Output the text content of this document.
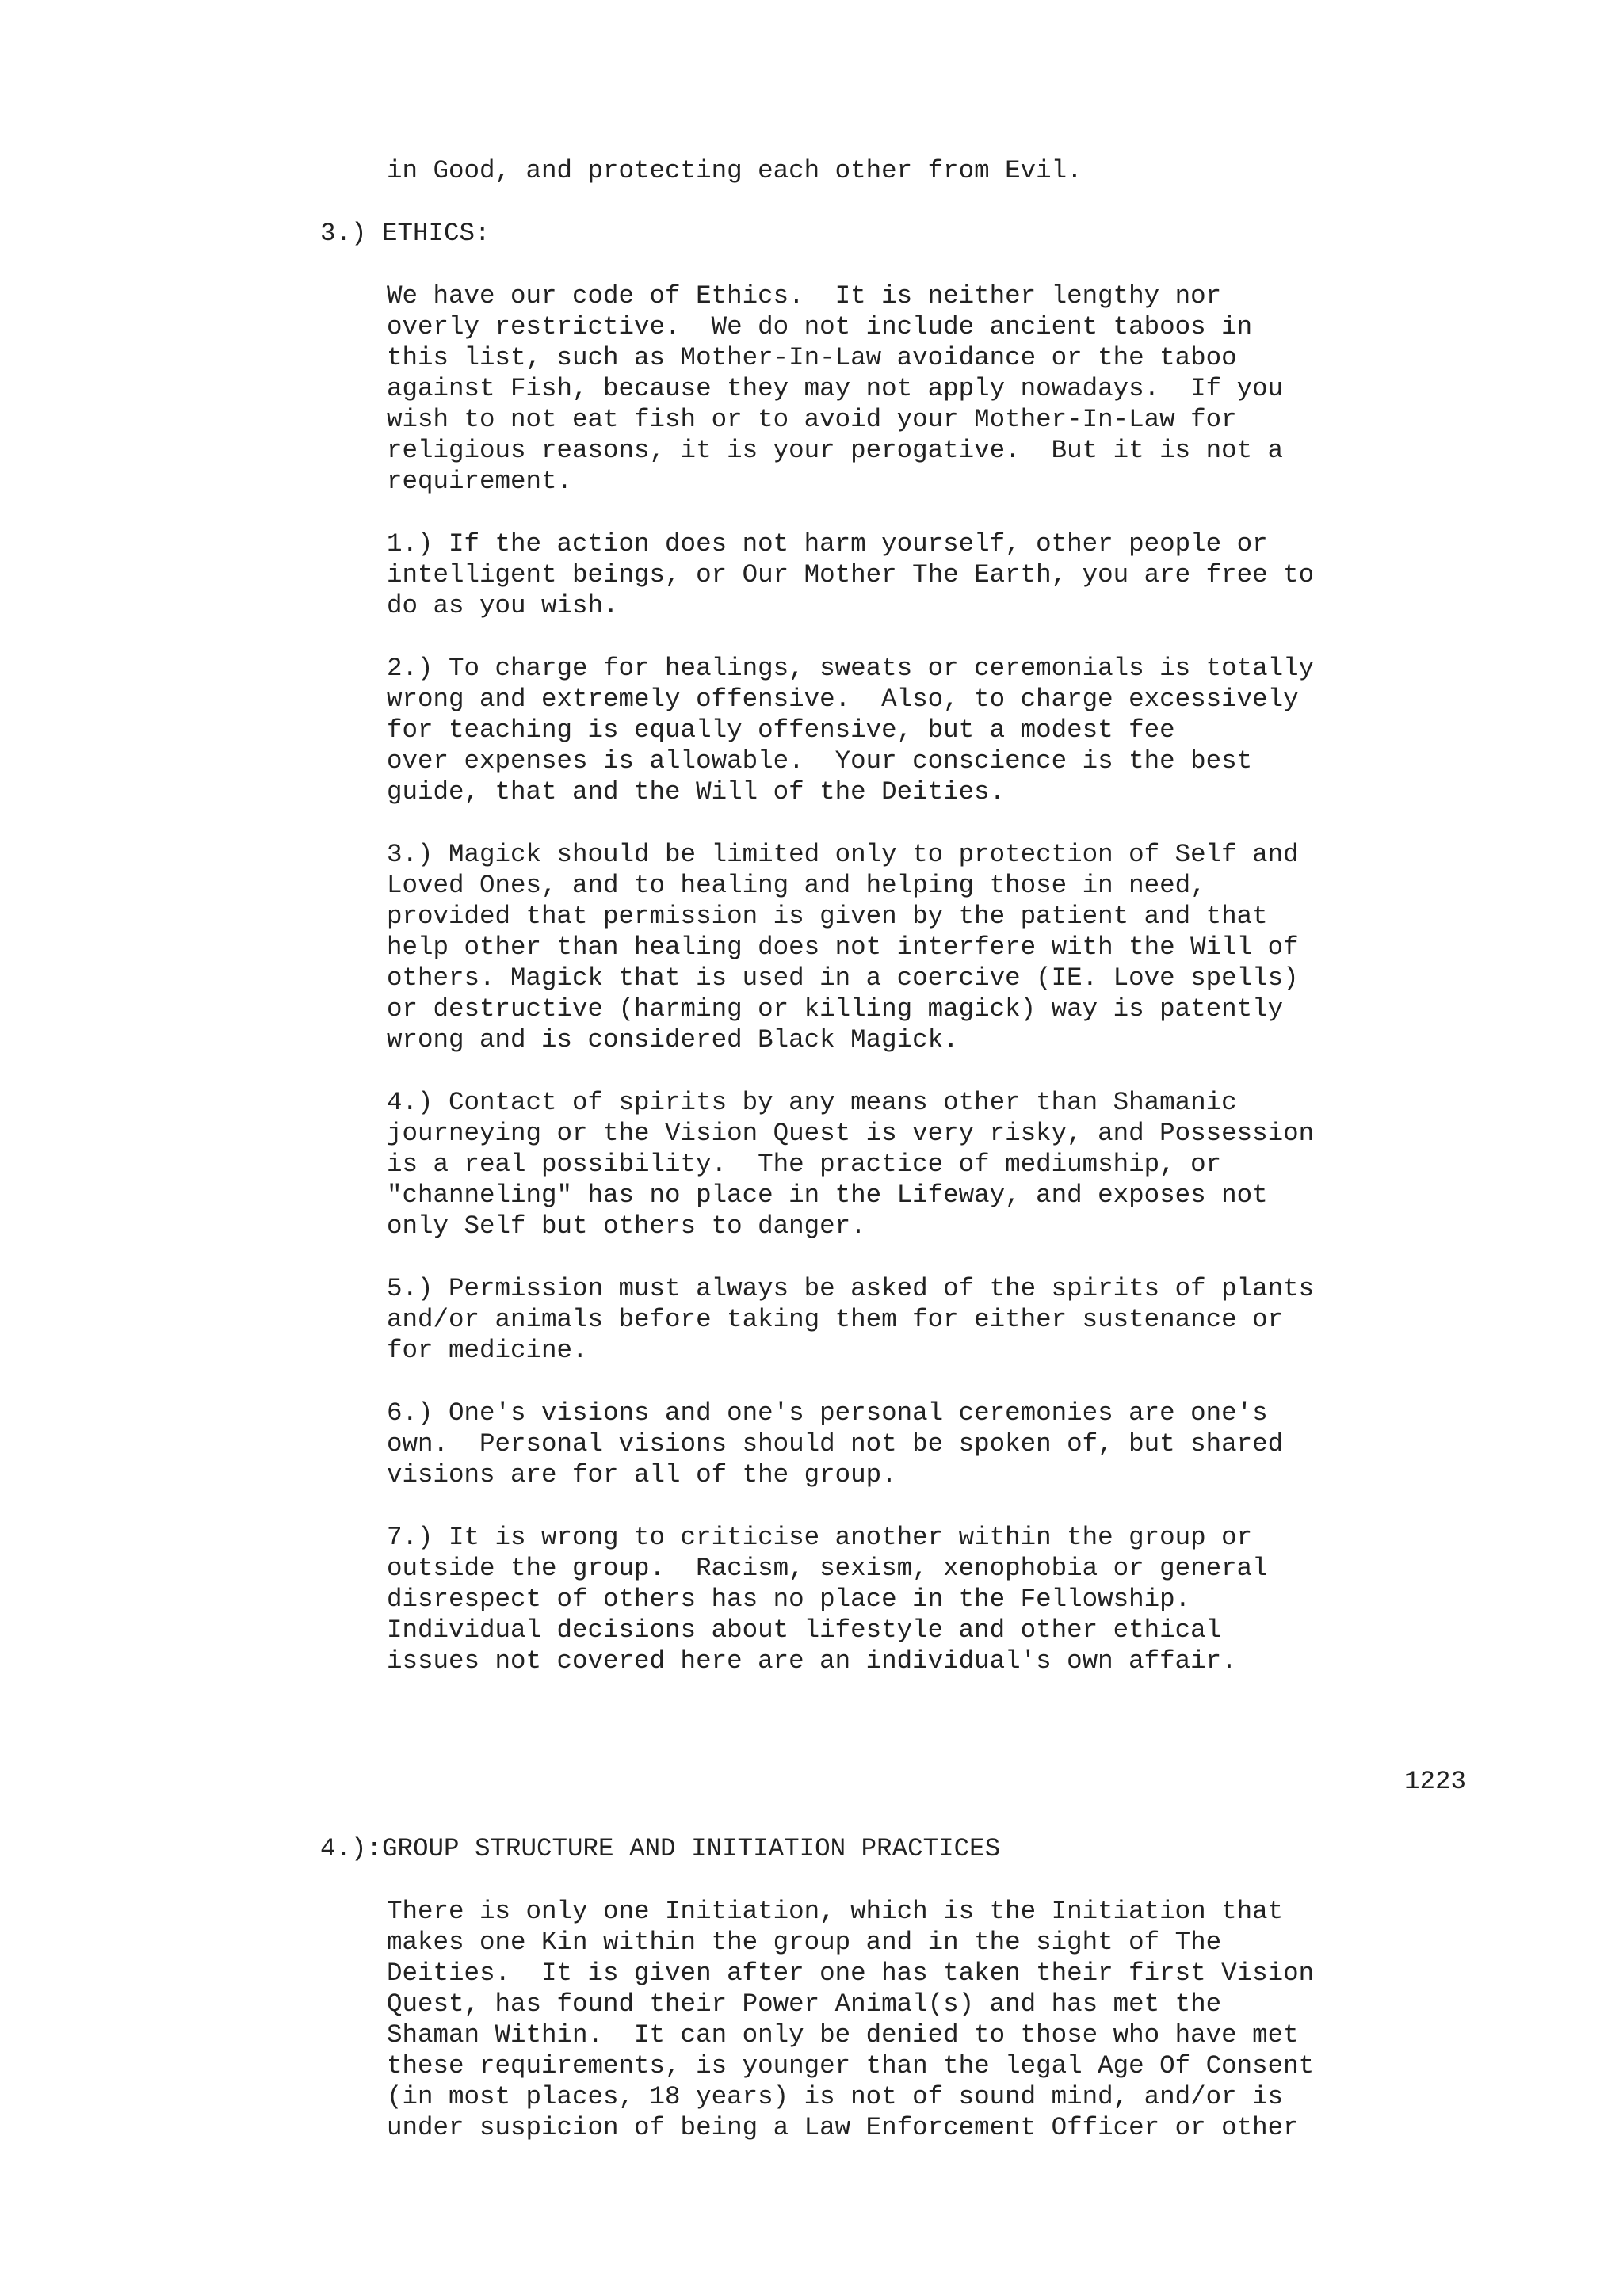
in Good, and protecting each other from Evil.

3.) ETHICS:

We have our code of Ethics.  It is neither lengthy nor

overly restrictive.  We do not include ancient taboos in

this list, such as Mother-In-Law avoidance or the taboo

against Fish, because they may not apply nowadays.  If you

wish to not eat fish or to avoid your Mother-In-Law for

religious reasons, it is your perogative.  But it is not a

requirement.

1.) If the action does not harm yourself, other people or

intelligent beings, or Our Mother The Earth, you are free to

do as you wish.

2.) To charge for healings, sweats or ceremonials is totally

wrong and extremely offensive.  Also, to charge excessively

for teaching is equally offensive, but a modest fee

over expenses is allowable.  Your conscience is the best

guide, that and the Will of the Deities.

3.) Magick should be limited only to protection of Self and

Loved Ones, and to healing and helping those in need,

provided that permission is given by the patient and that

help other than healing does not interfere with the Will of

others. Magick that is used in a coercive (IE. Love spells)

or destructive (harming or killing magick) way is patently

wrong and is considered Black Magick.

4.) Contact of spirits by any means other than Shamanic

journeying or the Vision Quest is very risky, and Possession

is a real possibility.  The practice of mediumship, or

"channeling" has no place in the Lifeway, and exposes not

only Self but others to danger.

5.) Permission must always be asked of the spirits of plants

and/or animals before taking them for either sustenance or

for medicine.

6.) One's visions and one's personal ceremonies are one's

own.  Personal visions should not be spoken of, but shared

visions are for all of the group.

7.) It is wrong to criticise another within the group or

outside the group.  Racism, sexism, xenophobia or general

disrespect of others has no place in the Fellowship.

Individual decisions about lifestyle and other ethical

issues not covered here are an individual's own affair.

1223

4.):GROUP STRUCTURE AND INITIATION PRACTICES

There is only one Initiation, which is the Initiation that

makes one Kin within the group and in the sight of The

Deities.  It is given after one has taken their first Vision

Quest, has found their Power Animal(s) and has met the

Shaman Within.  It can only be denied to those who have met

these requirements, is younger than the legal Age Of Consent

(in most places, 18 years) is not of sound mind, and/or is

under suspicion of being a Law Enforcement Officer or other
